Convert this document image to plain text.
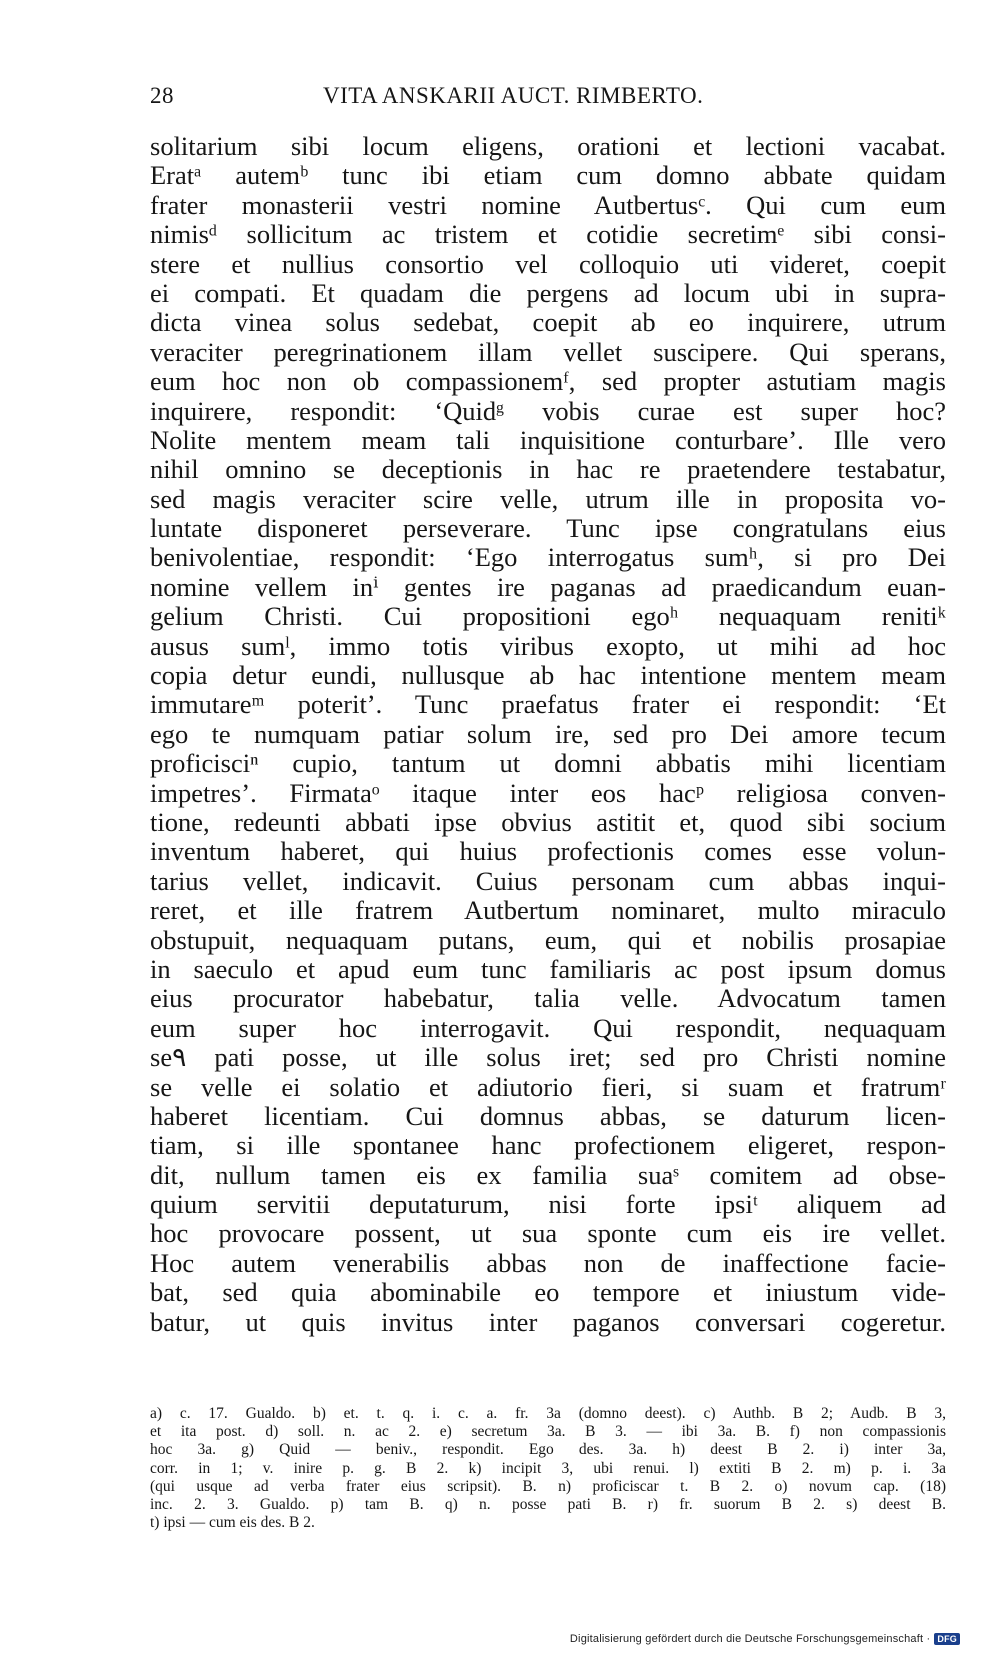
28	VITA ANSKARII AUCT. RIMBERTO.
solitarium sibi locum eligens, orationi et lectioni vacabat.
Eratᵃ autemᵇ tunc ibi etiam cum domno abbate quidam
frater monasterii vestri nomine Autbertusᶜ. Qui cum eum
nimisᵈ sollicitum ac tristem et cotidie secretimᵉ sibi consi-
stere et nullius consortio vel colloquio uti videret, coepit
ei compati. Et quadam die pergens ad locum ubi in supra-
dicta vinea solus sedebat, coepit ab eo inquirere, utrum
veraciter peregrinationem illam vellet suscipere. Qui sperans,
eum hoc non ob compassionemᶠ, sed propter astutiam magis
inquirere, respondit: ‘Quidᵍ vobis curae est super hoc?
Nolite mentem meam tali inquisitione conturbare’. Ille vero
nihil omnino se deceptionis in hac re praetendere testabatur,
sed magis veraciter scire velle, utrum ille in proposita vo-
luntate disponeret perseverare. Tunc ipse congratulans eius
benivolentiae, respondit: ‘Ego interrogatus sumʰ, si pro Dei
nomine vellem inⁱ gentes ire paganas ad praedicandum euan-
gelium Christi. Cui propositioni egoʰ nequaquam renitiᵏ
ausus sumˡ, immo totis viribus exopto, ut mihi ad hoc
copia detur eundi, nullusque ab hac intentione mentem meam
immutareᵐ poterit’. Tunc praefatus frater ei respondit: ‘Et
ego te numquam patiar solum ire, sed pro Dei amore tecum
proficisciⁿ cupio, tantum ut domni abbatis mihi licentiam
impetres’. Firmataᵒ itaque inter eos hacᵖ religiosa conven-
tione, redeunti abbati ipse obvius astitit et, quod sibi socium
inventum haberet, qui huius profectionis comes esse volun-
tarius vellet, indicavit. Cuius personam cum abbas inqui-
reret, et ille fratrem Autbertum nominaret, multo miraculo
obstupuit, nequaquam putans, eum, qui et nobilis prosapiae
in saeculo et apud eum tunc familiaris ac post ipsum domus
eius procurator habebatur, talia velle. Advocatum tamen
eum super hoc interrogavit. Qui respondit, nequaquam
se۹ pati posse, ut ille solus iret; sed pro Christi nomine
se velle ei solatio et adiutorio fieri, si suam et fratrumʳ
haberet licentiam. Cui domnus abbas, se daturum licen-
tiam, si ille spontanee hanc profectionem eligeret, respon-
dit, nullum tamen eis ex familia suaˢ comitem ad obse-
quium servitii deputaturum, nisi forte ipsiᵗ aliquem ad
hoc provocare possent, ut sua sponte cum eis ire vellet.
Hoc autem venerabilis abbas non de inaffectione facie-
bat, sed quia abominabile eo tempore et iniustum vide-
batur, ut quis invitus inter paganos conversari cogeretur.
a) c. 17. Gualdo. b) et. t. q. i. c. a. fr. 3a (domno deest). c) Authb. B 2; Audb. B 3,
et ita post. d) soll. n. ac 2. e) secretum 3a. B 3. — ibi 3a. B. f) non compassionis
hoc 3a. g) Quid — beniv., respondit. Ego des. 3a. h) deest B 2. i) inter 3a,
corr. in 1; v. inire p. g. B 2. k) incipit 3, ubi renui. l) extiti B 2. m) p. i. 3a
(qui usque ad verba frater eius scripsit). B. n) proficiscar t. B 2. o) novum cap. (18)
inc. 2. 3. Gualdo. p) tam B. q) n. posse pati B. r) fr. suorum B 2. s) deest B.
t) ipsi — cum eis des. B 2.
Digitalisierung gefördert durch die Deutsche Forschungsgemeinschaft · DFG
